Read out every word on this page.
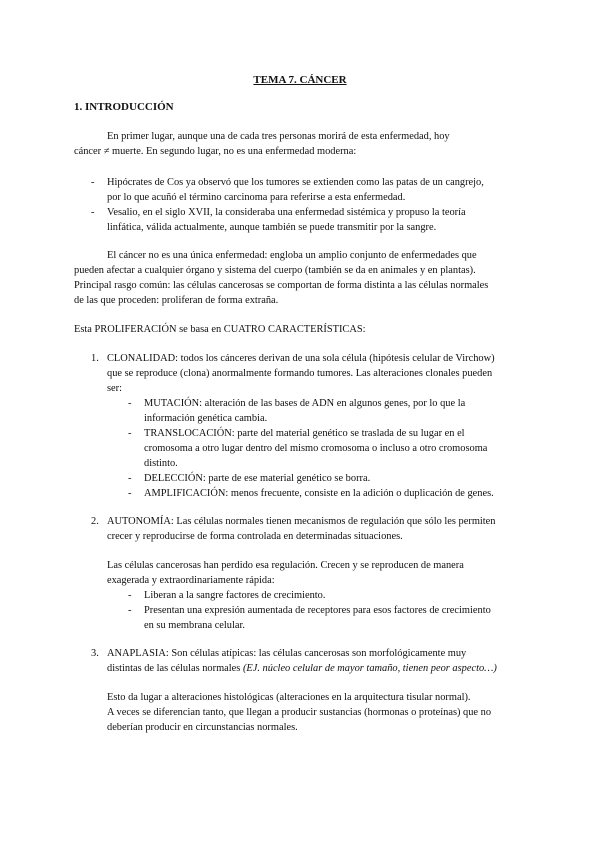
TEMA 7. CÁNCER
1. INTRODUCCIÓN
En primer lugar, aunque una de cada tres personas morirá de esta enfermedad, hoy
cáncer ≠ muerte. En segundo lugar, no es una enfermedad moderna:
- Hipócrates de Cos ya observó que los tumores se extienden como las patas de un cangrejo,
por lo que acuñó el término carcinoma para referirse a esta enfermedad.
- Vesalio, en el siglo XVII, la consideraba una enfermedad sistémica y propuso la teoría
linfática, válida actualmente, aunque también se puede transmitir por la sangre.
El cáncer no es una única enfermedad: engloba un amplio conjunto de enfermedades que
pueden afectar a cualquier órgano y sistema del cuerpo (también se da en animales y en plantas).
Principal rasgo común: las células cancerosas se comportan de forma distinta a las células normales
de las que proceden: proliferan de forma extraña.
Esta PROLIFERACIÓN se basa en CUATRO CARACTERÍSTICAS:
1. CLONALIDAD: todos los cánceres derivan de una sola célula (hipótesis celular de Virchow)
que se reproduce (clona) anormalmente formando tumores. Las alteraciones clonales pueden
ser:
- MUTACIÓN: alteración de las bases de ADN en algunos genes, por lo que la
información genética cambia.
- TRANSLOCACIÓN: parte del material genético se traslada de su lugar en el
cromosoma a otro lugar dentro del mismo cromosoma o incluso a otro cromosoma
distinto.
- DELECCIÓN: parte de ese material genético se borra.
- AMPLIFICACIÓN: menos frecuente, consiste en la adición o duplicación de genes.
2. AUTONOMÍA: Las células normales tienen mecanismos de regulación que sólo les permiten
crecer y reproducirse de forma controlada en determinadas situaciones.
Las células cancerosas han perdido esa regulación. Crecen y se reproducen de manera
exagerada y extraordinariamente rápida:
- Liberan a la sangre factores de crecimiento.
- Presentan una expresión aumentada de receptores para esos factores de crecimiento
en su membrana celular.
3. ANAPLASIA: Son células atípicas: las células cancerosas son morfológicamente muy
distintas de las células normales (EJ. núcleo celular de mayor tamaño, tienen peor aspecto…)
Esto da lugar a alteraciones histológicas (alteraciones en la arquitectura tisular normal).
A veces se diferencian tanto, que llegan a producir sustancias (hormonas o proteínas) que no
deberían producir en circunstancias normales.
